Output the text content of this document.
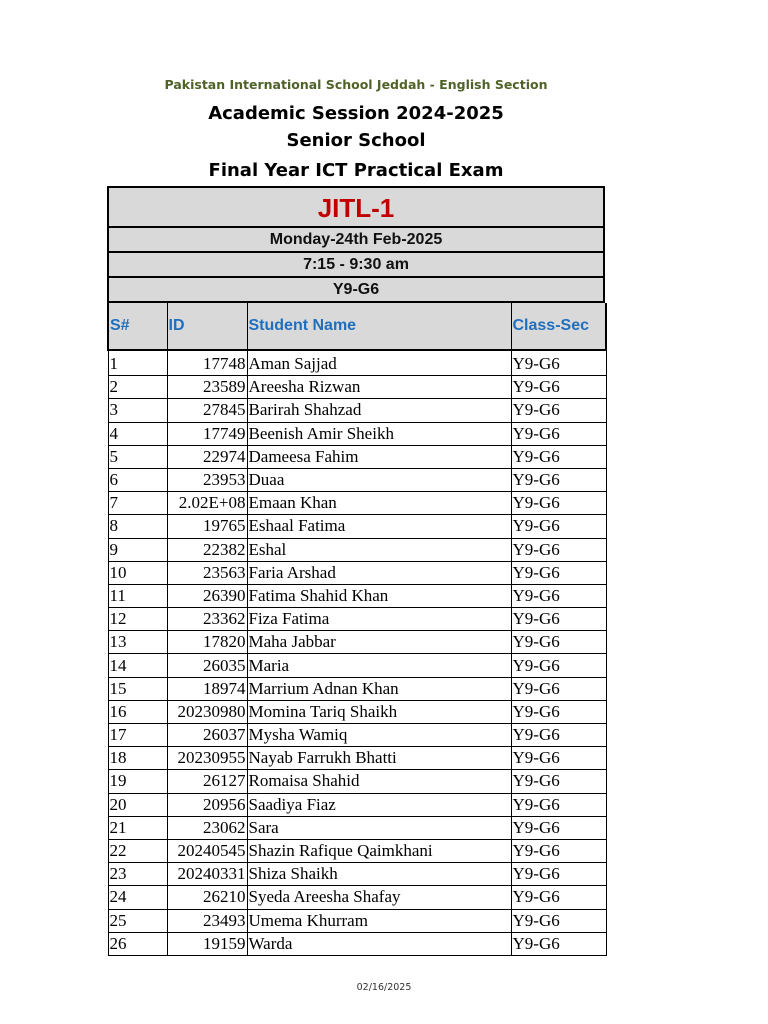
Pakistan International School Jeddah - English Section
Academic Session 2024-2025
Senior School
Final Year ICT Practical Exam
JITL-1
Monday-24th Feb-2025
7:15 - 9:30 am
Y9-G6
S#	ID	Student Name	Class-Sec
1	17748	Aman Sajjad	Y9-G6
2	23589	Areesha Rizwan	Y9-G6
3	27845	Barirah Shahzad	Y9-G6
4	17749	Beenish Amir Sheikh	Y9-G6
5	22974	Dameesa Fahim	Y9-G6
6	23953	Duaa	Y9-G6
7	2.02E+08	Emaan Khan	Y9-G6
8	19765	Eshaal Fatima	Y9-G6
9	22382	Eshal	Y9-G6
10	23563	Faria Arshad	Y9-G6
11	26390	Fatima Shahid Khan	Y9-G6
12	23362	Fiza Fatima	Y9-G6
13	17820	Maha Jabbar	Y9-G6
14	26035	Maria	Y9-G6
15	18974	Marrium Adnan Khan	Y9-G6
16	20230980	Momina Tariq Shaikh	Y9-G6
17	26037	Mysha Wamiq	Y9-G6
18	20230955	Nayab Farrukh Bhatti	Y9-G6
19	26127	Romaisa Shahid	Y9-G6
20	20956	Saadiya Fiaz	Y9-G6
21	23062	Sara	Y9-G6
22	20240545	Shazin Rafique Qaimkhani	Y9-G6
23	20240331	Shiza Shaikh	Y9-G6
24	26210	Syeda Areesha Shafay	Y9-G6
25	23493	Umema Khurram	Y9-G6
26	19159	Warda	Y9-G6
02/16/2025
